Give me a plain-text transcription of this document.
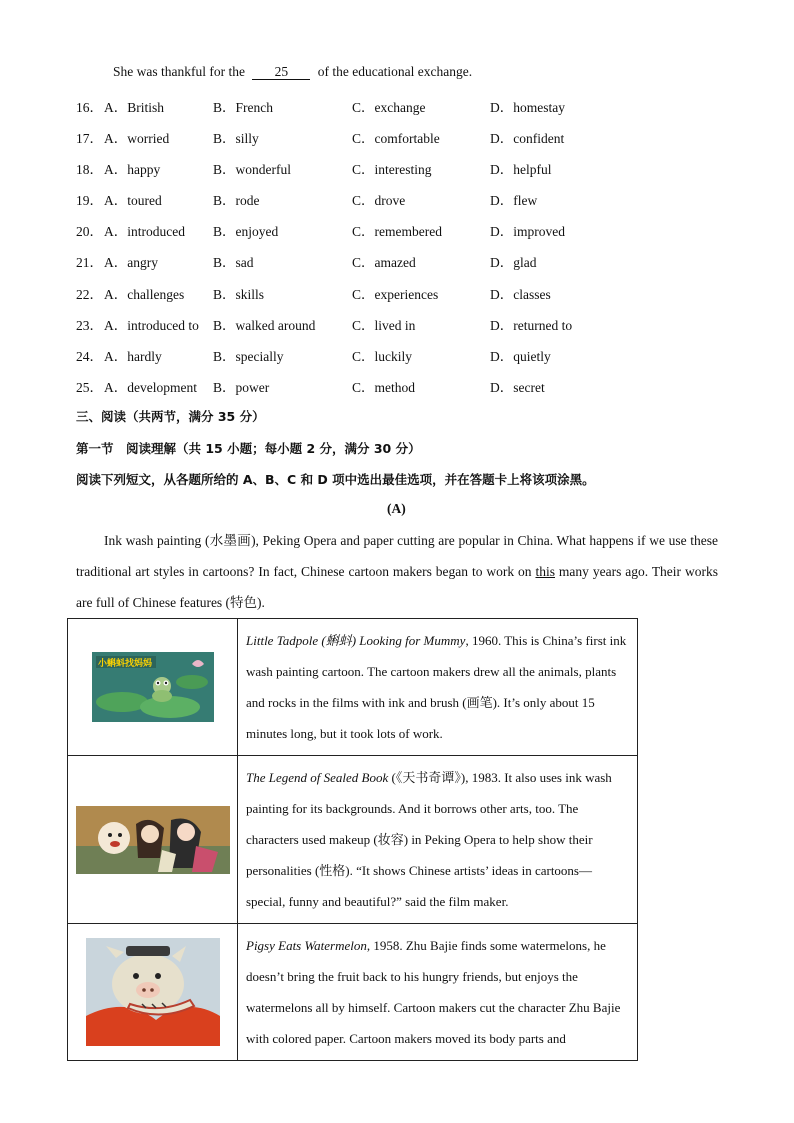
She was thankful for the 25 of the educational exchange.
16． A．British	B．French	C．exchange	D．homestay
17． A．worried	B．silly	C．comfortable	D．confident
18． A．happy	B．wonderful	C．interesting	D．helpful
19． A．toured	B．rode	C．drove	D．flew
20． A．introduced B．enjoyed	C．remembered	D．improved
21． A．angry	B．sad	C．amazed	D．glad
22． A．challenges B．skills	C．experiences	D．classes
23． A．introduced to B．walked around	C．lived in	D．returned to
24． A．hardly	B．specially	C．luckily	D．quietly
25． A．development B．power	C．method	D．secret
三、阅读（共两节，满分 35 分）
第一节　阅读理解（共 15 小题；每小题 2 分，满分 30 分）
阅读下列短文，从各题所给的 A、B、C 和 D 项中选出最佳选项，并在答题卡上将该项涂黑。
(A)
Ink wash painting (水墨画), Peking Opera and paper cutting are popular in China. What happens if we use these traditional art styles in cartoons? In fact, Chinese cartoon makers began to work on this many years ago. Their works are full of Chinese features (特色).
小蝌蚪找妈妈	Little Tadpole (蝌蚪) Looking for Mummy, 1960. This is China’s first ink wash painting cartoon. The cartoon makers drew all the animals, plants and rocks in the films with ink and brush (画笔). It’s only about 15 minutes long, but it took lots of work.

	The Legend of Sealed Book (《天书奇谭》), 1983. It also uses ink wash painting for its backgrounds. And it borrows other arts, too. The characters used makeup (妆容) in Peking Opera to help show their personalities (性格). “It shows Chinese artists’ ideas in cartoons—special, funny and beautiful?” said the film maker.

	Pigsy Eats Watermelon, 1958. Zhu Bajie finds some watermelons, he doesn’t bring the fruit back to his hungry friends, but enjoys the watermelons all by himself. Cartoon makers cut the character Zhu Bajie with colored paper. Cartoon makers moved its body parts and
